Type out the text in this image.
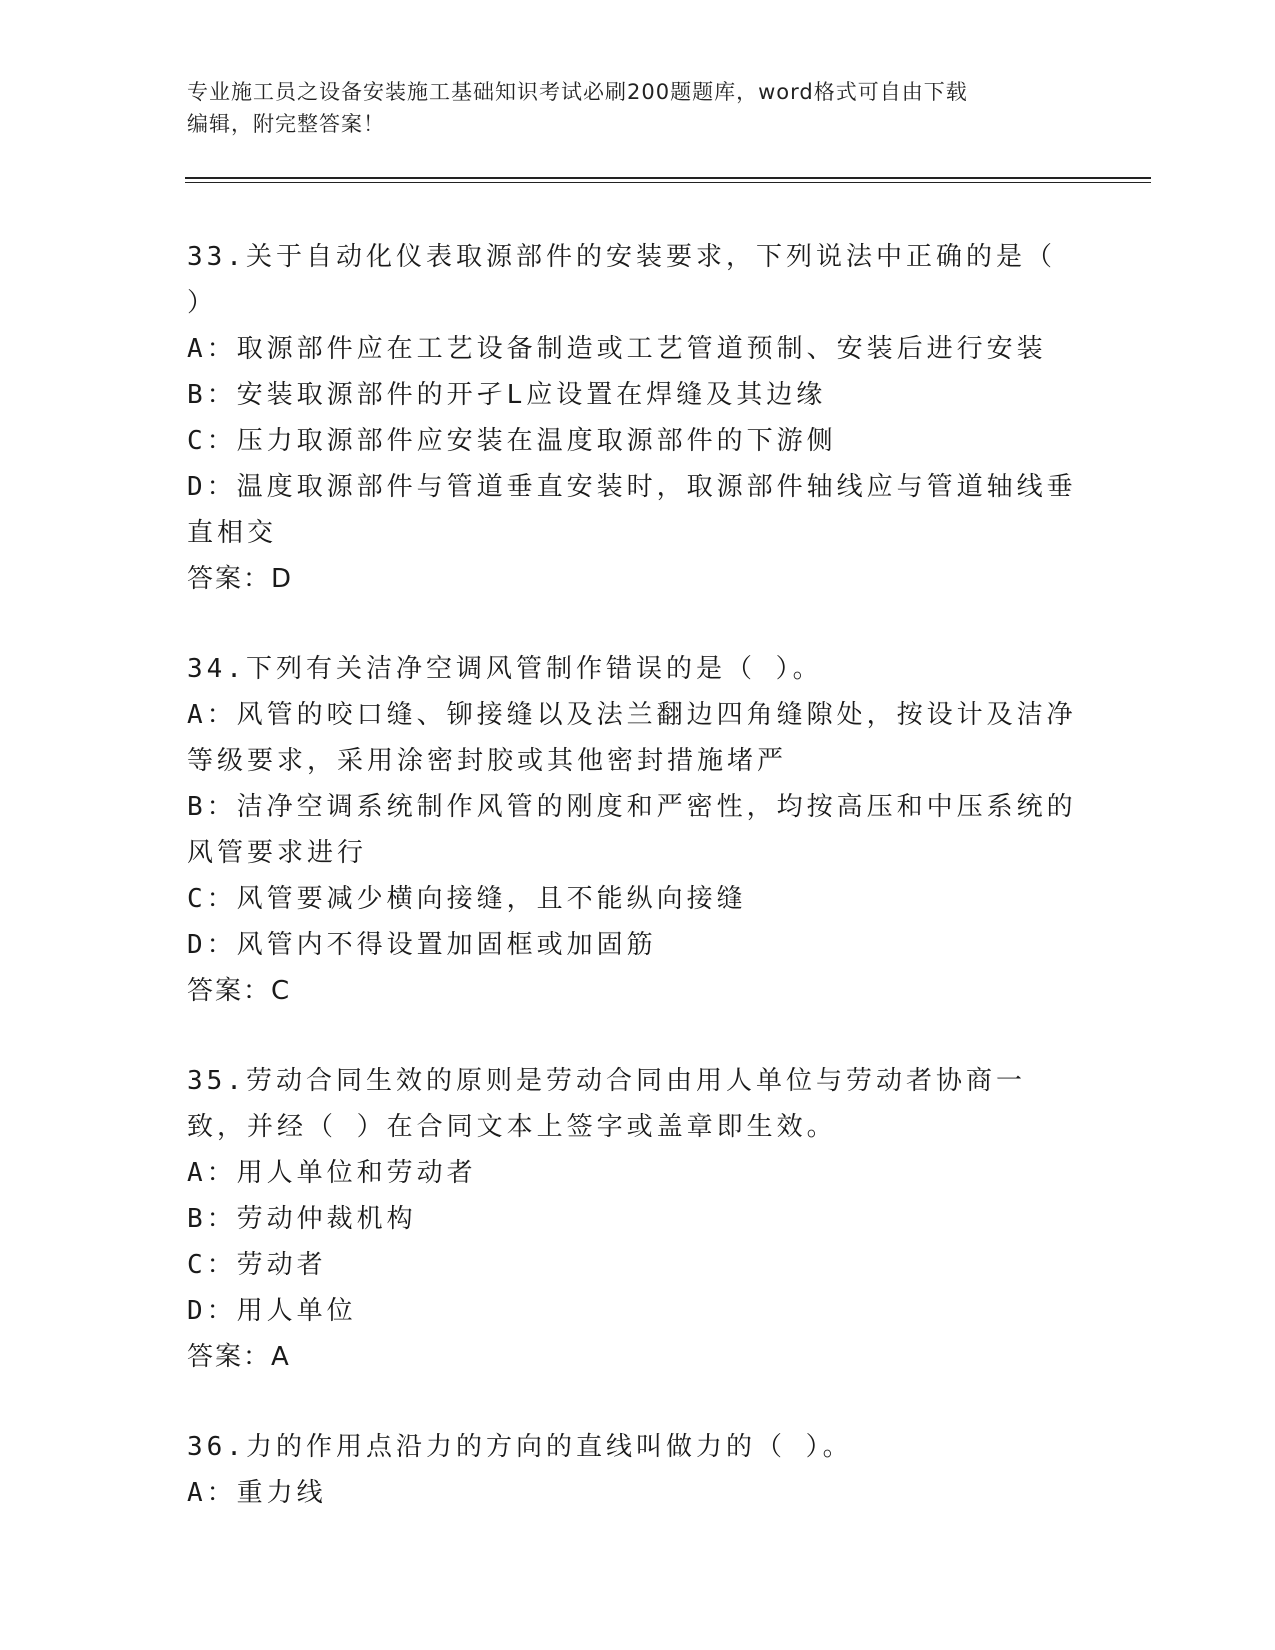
专业施工员之设备安装施工基础知识考试必刷200题题库，word格式可自由下载
编辑，附完整答案！

33.关于自动化仪表取源部件的安装要求，下列说法中正确的是（ ）

A：取源部件应在工艺设备制造或工艺管道预制、安装后进行安装

B：安装取源部件的开孑L应设置在焊缝及其边缘

C：压力取源部件应安装在温度取源部件的下游侧

D：温度取源部件与管道垂直安装时，取源部件轴线应与管道轴线垂直相交

答案：D

34.下列有关洁净空调风管制作错误的是（ ）。

A：风管的咬口缝、铆接缝以及法兰翻边四角缝隙处，按设计及洁净等级要求，采用涂密封胶或其他密封措施堵严

B：洁净空调系统制作风管的刚度和严密性，均按高压和中压系统的风管要求进行

C：风管要减少横向接缝，且不能纵向接缝

D：风管内不得设置加固框或加固筋

答案：C

35.劳动合同生效的原则是劳动合同由用人单位与劳动者协商一致，并经（ ）在合同文本上签字或盖章即生效。

A：用人单位和劳动者

B：劳动仲裁机构

C：劳动者

D：用人单位

答案：A

36.力的作用点沿力的方向的直线叫做力的（ ）。

A：重力线
